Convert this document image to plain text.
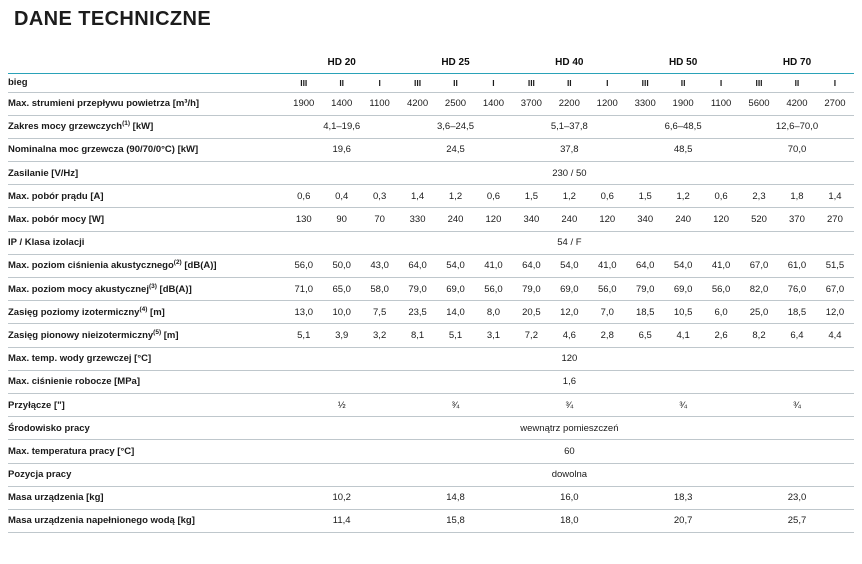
DANE TECHNICZNE
	HD 20			HD 25			HD 40			HD 50			HD 70		
bieg	III	II	I	III	II	I	III	II	I	III	II	I	III	II	I
Max. strumieni przepływu powietrza [m³/h]	1900	1400	1100	4200	2500	1400	3700	2200	1200	3300	1900	1100	5600	4200	2700
Zakres mocy grzewczych$^{(1)}$ [kW]	4,1–19,6			3,6–24,5			5,1–37,8			6,6–48,5			12,6–70,0		
Nominalna moc grzewcza (90/70/0°C) [kW]	19,6			24,5			37,8			48,5			70,0		
Zasilanie [V/Hz]	230 / 50														
Max. pobór prądu [A]	0,6	0,4	0,3	1,4	1,2	0,6	1,5	1,2	0,6	1,5	1,2	0,6	2,3	1,8	1,4
Max. pobór mocy [W]	130	90	70	330	240	120	340	240	120	340	240	120	520	370	270
IP / Klasa izolacji	54 / F														
Max. poziom ciśnienia akustycznego$^{(2)}$ [dB(A)]	56,0	50,0	43,0	64,0	54,0	41,0	64,0	54,0	41,0	64,0	54,0	41,0	67,0	61,0	51,5
Max. poziom mocy akustycznej$^{(3)}$ [dB(A)]	71,0	65,0	58,0	79,0	69,0	56,0	79,0	69,0	56,0	79,0	69,0	56,0	82,0	76,0	67,0
Zasięg poziomy izotermiczny$^{(4)}$ [m]	13,0	10,0	7,5	23,5	14,0	8,0	20,5	12,0	7,0	18,5	10,5	6,0	25,0	18,5	12,0
Zasięg pionowy nieizotermiczny$^{(5)}$ [m]	5,1	3,9	3,2	8,1	5,1	3,1	7,2	4,6	2,8	6,5	4,1	2,6	8,2	6,4	4,4
Max. temp. wody grzewczej [°C]	120														
Max. ciśnienie robocze [MPa]	1,6														
Przyłącze ["]	½			¾			¾			¾			¾		
Środowisko pracy	wewnątrz pomieszczeń														
Max. temperatura pracy [°C]	60														
Pozycja pracy	dowolna														
Masa urządzenia [kg]	10,2			14,8			16,0			18,3			23,0		
Masa urządzenia napełnionego wodą [kg]	11,4			15,8			18,0			20,7			25,7		
